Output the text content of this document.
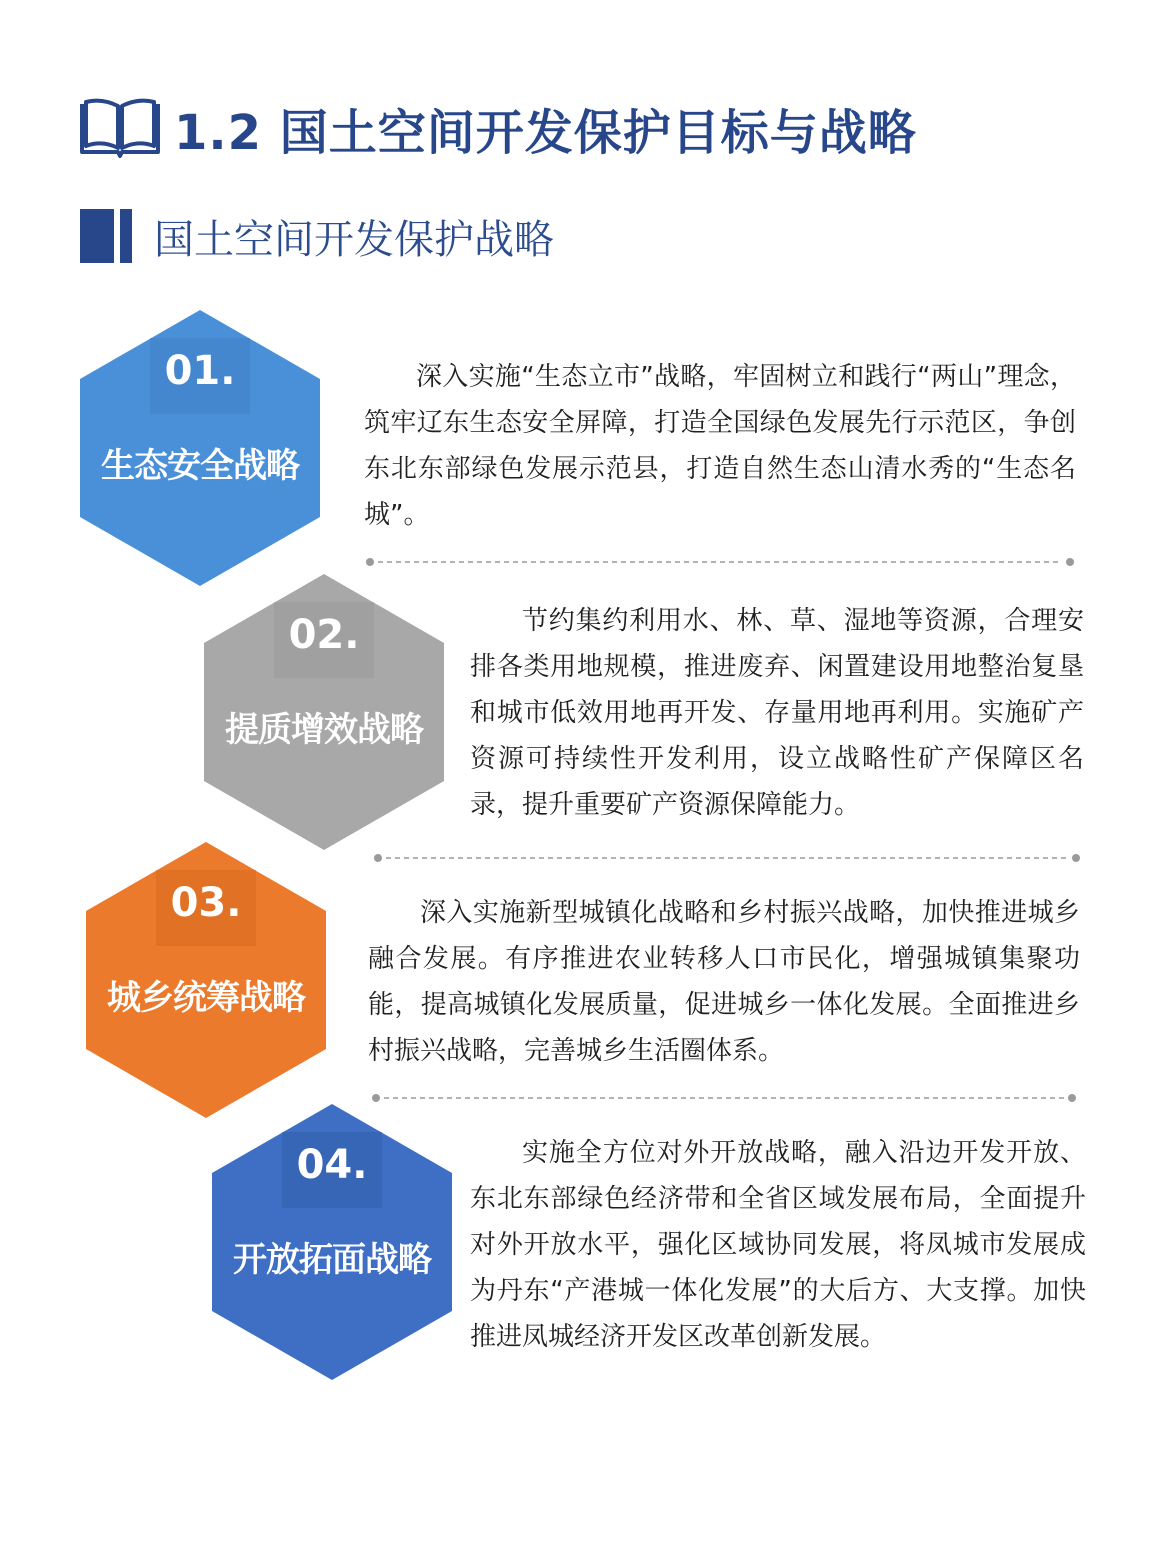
1.2 国土空间开发保护目标与战略
国土空间开发保护战略
01.
生态安全战略

深入实施“生态立市”战略，牢固树立和践行“两山”理念，筑牢辽东生态安全屏障，打造全国绿色发展先行示范区，争创东北东部绿色发展示范县，打造自然生态山清水秀的“生态名城”。

02.
提质增效战略

节约集约利用水、林、草、湿地等资源，合理安排各类用地规模，推进废弃、闲置建设用地整治复垦和城市低效用地再开发、存量用地再利用。实施矿产资源可持续性开发利用，设立战略性矿产保障区名录，提升重要矿产资源保障能力。

03.
城乡统筹战略

深入实施新型城镇化战略和乡村振兴战略，加快推进城乡融合发展。有序推进农业转移人口市民化，增强城镇集聚功能，提高城镇化发展质量，促进城乡一体化发展。全面推进乡村振兴战略，完善城乡生活圈体系。

04.
开放拓面战略

实施全方位对外开放战略，融入沿边开发开放、东北东部绿色经济带和全省区域发展布局，全面提升对外开放水平，强化区域协同发展，将凤城市发展成为丹东“产港城一体化发展”的大后方、大支撑。加快推进凤城经济开发区改革创新发展。
